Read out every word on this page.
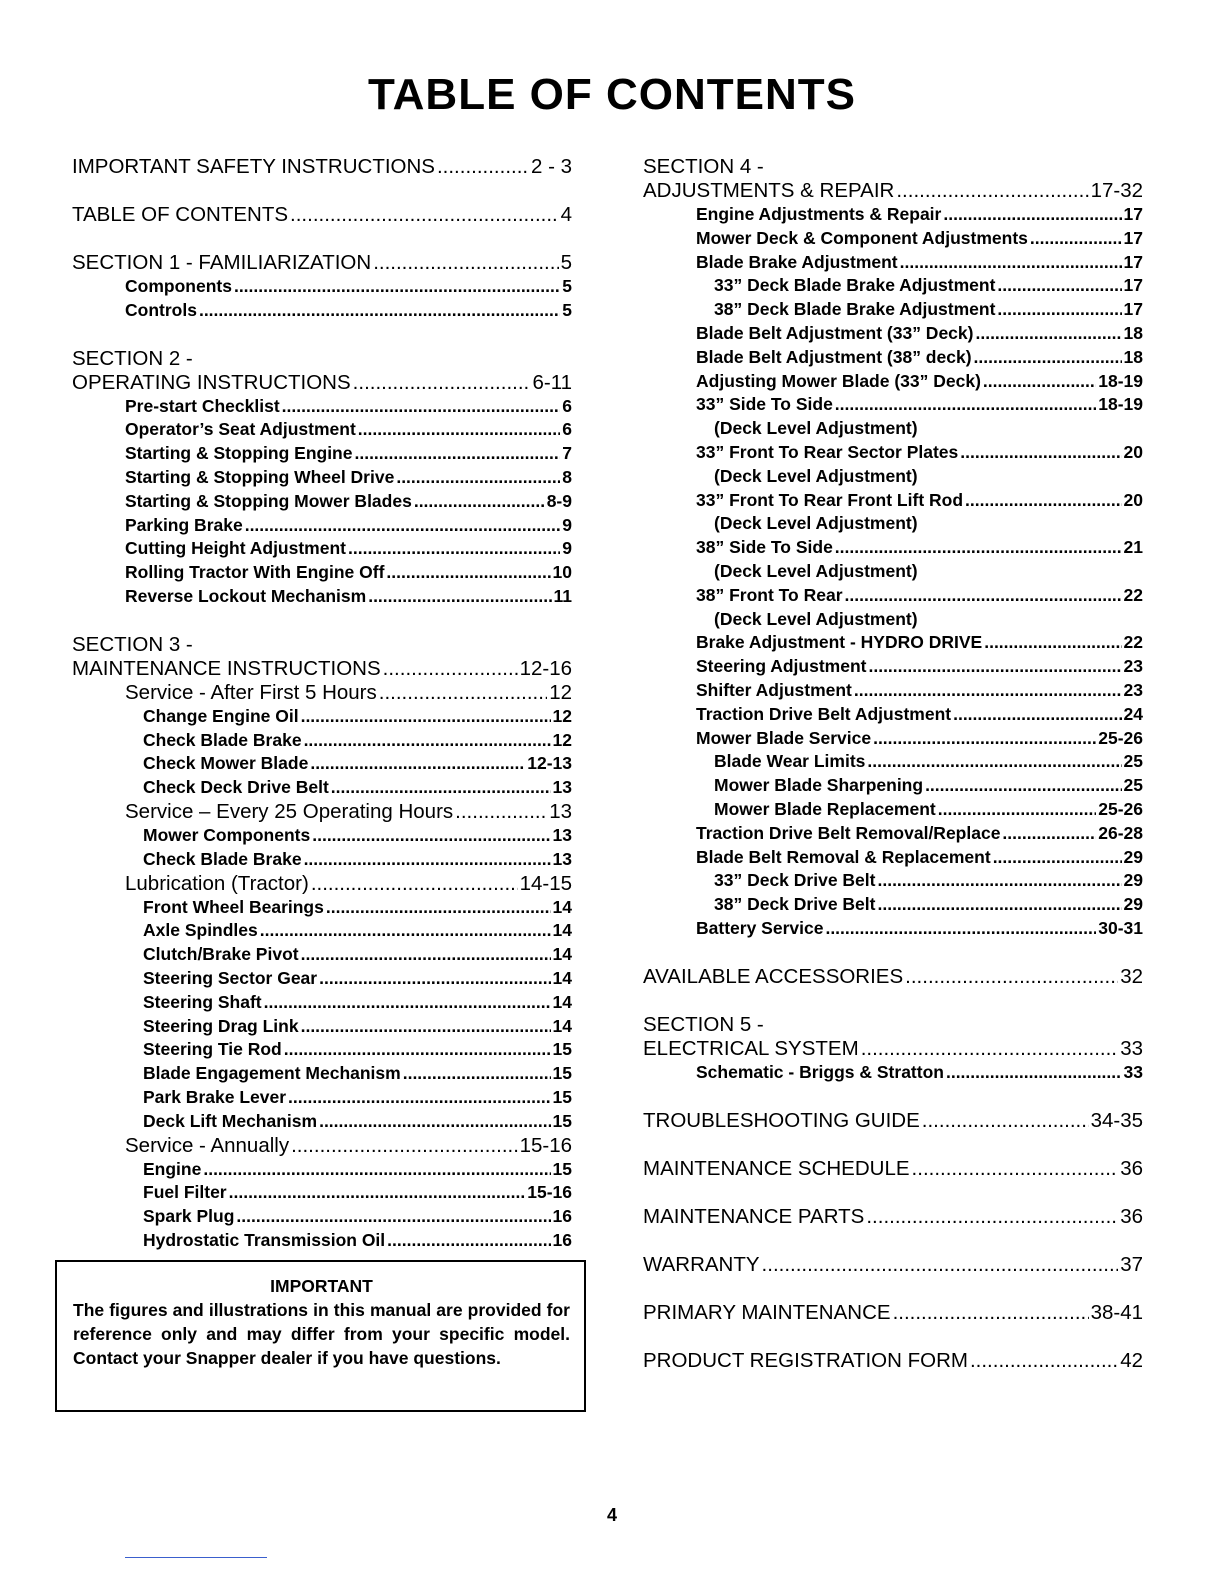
TABLE OF CONTENTS
IMPORTANT SAFETY INSTRUCTIONS .....	2 - 3
TABLE OF CONTENTS .....	4
SECTION 1 - FAMILIARIZATION .....	5
Components .....	5
Controls .....	5
SECTION 2 -
OPERATING INSTRUCTIONS .....	6-11
Pre-start Checklist .....	6
Operator’s Seat Adjustment .....	6
Starting & Stopping Engine .....	7
Starting & Stopping Wheel Drive .....	8
Starting & Stopping Mower Blades .....	8-9
Parking Brake .....	9
Cutting Height Adjustment .....	9
Rolling Tractor With Engine Off .....	10
Reverse Lockout Mechanism .....	11
SECTION 3 -
MAINTENANCE INSTRUCTIONS .....	12-16
Service - After First 5 Hours .....	12
Change Engine Oil .....	12
Check Blade Brake .....	12
Check Mower Blade .....	12-13
Check Deck Drive Belt .....	13
Service – Every 25 Operating Hours .....	13
Mower Components .....	13
Check Blade Brake .....	13
Lubrication (Tractor) .....	14-15
Front Wheel Bearings .....	14
Axle Spindles .....	14
Clutch/Brake Pivot .....	14
Steering Sector Gear .....	14
Steering Shaft .....	14
Steering Drag Link .....	14
Steering Tie Rod .....	15
Blade Engagement Mechanism .....	15
Park Brake Lever .....	15
Deck Lift Mechanism .....	15
Service - Annually .....	15-16
Engine .....	15
Fuel Filter .....	15-16
Spark Plug .....	16
Hydrostatic Transmission Oil .....	16
SECTION 4 -
ADJUSTMENTS & REPAIR .....	17-32
Engine Adjustments & Repair .....	17
Mower Deck & Component Adjustments .....	17
Blade Brake Adjustment .....	17
33” Deck Blade Brake Adjustment .....	17
38” Deck Blade Brake Adjustment .....	17
Blade Belt Adjustment (33” Deck) .....	18
Blade Belt Adjustment (38” deck) .....	18
Adjusting Mower Blade (33” Deck) .....	18-19
33” Side To Side .....	18-19
(Deck Level Adjustment)
33” Front To Rear Sector Plates .....	20
(Deck Level Adjustment)
33” Front To Rear Front Lift Rod .....	20
(Deck Level Adjustment)
38” Side To Side .....	21
(Deck Level Adjustment)
38” Front To Rear .....	22
(Deck Level Adjustment)
Brake Adjustment - HYDRO DRIVE .....	22
Steering Adjustment .....	23
Shifter Adjustment .....	23
Traction Drive Belt Adjustment .....	24
Mower Blade Service .....	25-26
Blade Wear Limits .....	25
Mower Blade Sharpening .....	25
Mower Blade Replacement .....	25-26
Traction Drive Belt Removal/Replace .....	26-28
Blade Belt Removal & Replacement .....	29
33” Deck Drive Belt .....	29
38” Deck Drive Belt .....	29
Battery Service .....	30-31
AVAILABLE ACCESSORIES .....	32
SECTION 5 -
ELECTRICAL SYSTEM .....	33
Schematic - Briggs & Stratton .....	33
TROUBLESHOOTING GUIDE .....	34-35
MAINTENANCE SCHEDULE .....	36
MAINTENANCE PARTS .....	36
WARRANTY .....	37
PRIMARY MAINTENANCE .....	38-41
PRODUCT REGISTRATION FORM .....	42
IMPORTANT
The figures and illustrations in this manual are provided for reference only and may differ from your specific model. Contact your Snapper dealer if you have questions.
4
